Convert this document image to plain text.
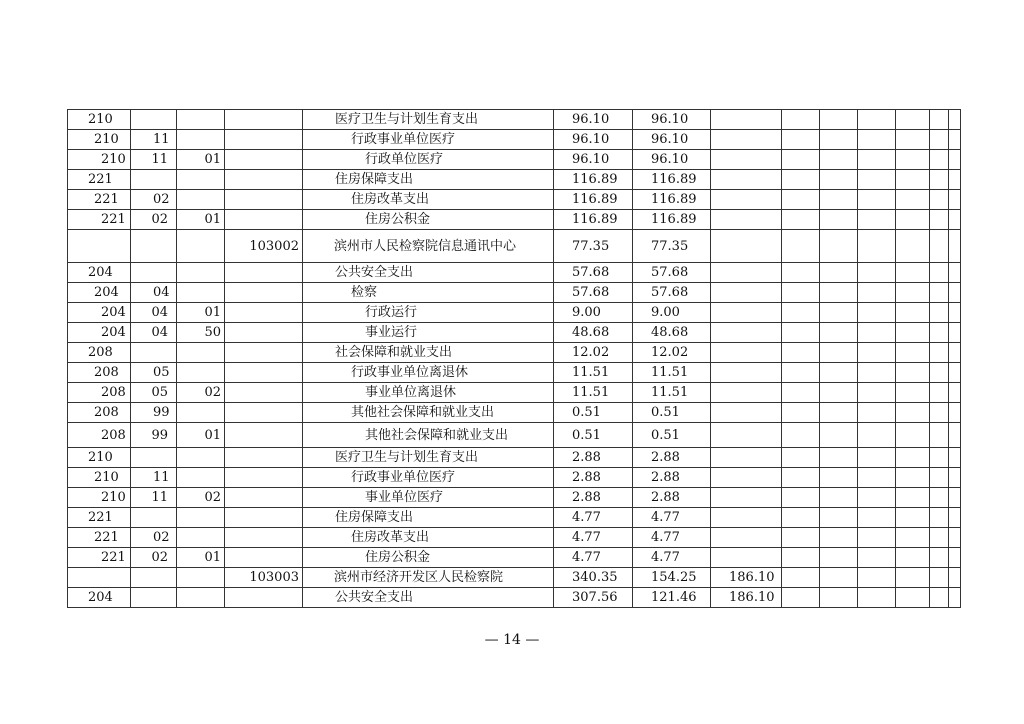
210				医疗卫生与计划生育支出	96.10	96.10							
210	11			行政事业单位医疗	96.10	96.10							
210	11	01		行政单位医疗	96.10	96.10							
221				住房保障支出	116.89	116.89							
221	02			住房改革支出	116.89	116.89							
221	02	01		住房公积金	116.89	116.89							
			103002	滨州市人民检察院信息通讯中心	77.35	77.35							
204				公共安全支出	57.68	57.68							
204	04			检察	57.68	57.68							
204	04	01		行政运行	9.00	9.00							
204	04	50		事业运行	48.68	48.68							
208				社会保障和就业支出	12.02	12.02							
208	05			行政事业单位离退休	11.51	11.51							
208	05	02		事业单位离退休	11.51	11.51							
208	99			其他社会保障和就业支出	0.51	0.51							
208	99	01		其他社会保障和就业支出	0.51	0.51							
210				医疗卫生与计划生育支出	2.88	2.88							
210	11			行政事业单位医疗	2.88	2.88							
210	11	02		事业单位医疗	2.88	2.88							
221				住房保障支出	4.77	4.77							
221	02			住房改革支出	4.77	4.77							
221	02	01		住房公积金	4.77	4.77							
			103003	滨州市经济开发区人民检察院	340.35	154.25	186.10						
204				公共安全支出	307.56	121.46	186.10						
— 14 —
